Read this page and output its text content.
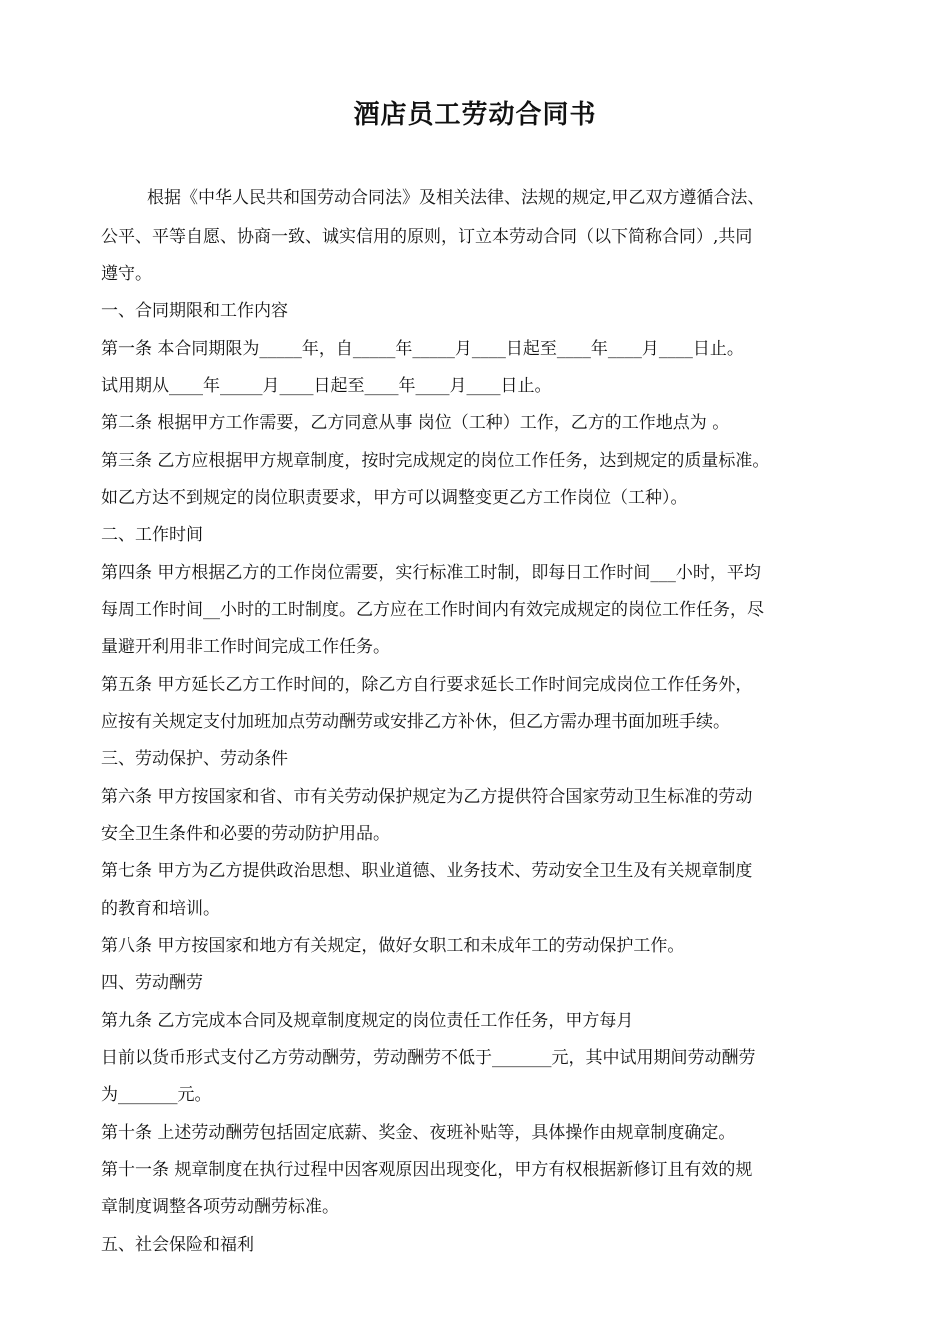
酒店员工劳动合同书
根据《中华人民共和国劳动合同法》及相关法律、法规的规定,甲乙双方遵循合法、
公平、平等自愿、协商一致、诚实信用的原则，订立本劳动合同（以下简称合同）,共同
遵守。
一、合同期限和工作内容
第一条 本合同期限为_____年，自_____年_____月____日起至____年____月____日止。
试用期从____年_____月____日起至____年____月____日止。
第二条 根据甲方工作需要，乙方同意从事 岗位（工种）工作，乙方的工作地点为 。
第三条 乙方应根据甲方规章制度，按时完成规定的岗位工作任务，达到规定的质量标准。
如乙方达不到规定的岗位职责要求，甲方可以调整变更乙方工作岗位（工种）。
二、工作时间
第四条 甲方根据乙方的工作岗位需要，实行标准工时制，即每日工作时间___小时，平均
每周工作时间__小时的工时制度。乙方应在工作时间内有效完成规定的岗位工作任务，尽
量避开利用非工作时间完成工作任务。
第五条 甲方延长乙方工作时间的，除乙方自行要求延长工作时间完成岗位工作任务外，
应按有关规定支付加班加点劳动酬劳或安排乙方补休，但乙方需办理书面加班手续。
三、劳动保护、劳动条件
第六条 甲方按国家和省、市有关劳动保护规定为乙方提供符合国家劳动卫生标准的劳动
安全卫生条件和必要的劳动防护用品。
第七条 甲方为乙方提供政治思想、职业道德、业务技术、劳动安全卫生及有关规章制度
的教育和培训。
第八条 甲方按国家和地方有关规定，做好女职工和未成年工的劳动保护工作。
四、劳动酬劳
第九条 乙方完成本合同及规章制度规定的岗位责任工作任务，甲方每月
日前以货币形式支付乙方劳动酬劳，劳动酬劳不低于_______元，其中试用期间劳动酬劳
为_______元。
第十条 上述劳动酬劳包括固定底薪、奖金、夜班补贴等，具体操作由规章制度确定。
第十一条 规章制度在执行过程中因客观原因出现变化，甲方有权根据新修订且有效的规
章制度调整各项劳动酬劳标准。
五、社会保险和福利
